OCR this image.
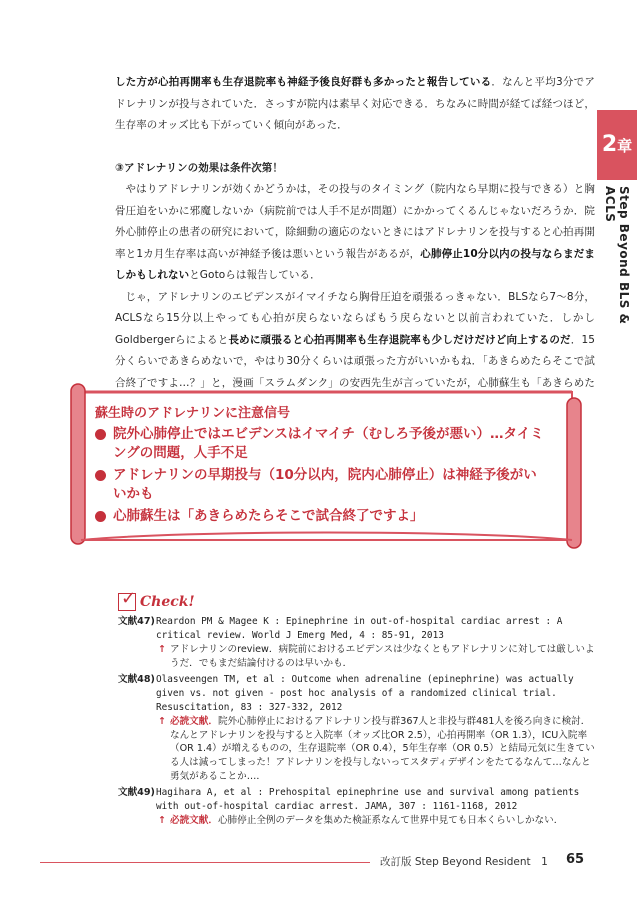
2章
Step Beyond BLS & ACLS

した方が心拍再開率も生存退院率も神経予後良好群も多かったと報告している．なんと平均3分でアドレナリンが投与されていた．さっすが院内は素早く対応できる．ちなみに時間が経てば経つほど，生存率のオッズ比も下がっていく傾向があった．

③アドレナリンの効果は条件次第！

やはりアドレナリンが効くかどうかは，その投与のタイミング（院内なら早期に投与できる）と胸骨圧迫をいかに邪魔しないか（病院前では人手不足が問題）にかかってくるんじゃないだろうか．院外心肺停止の患者の研究において，除細動の適応のないときにはアドレナリンを投与すると心拍再開率と1カ月生存率は高いが神経予後は悪いという報告があるが，心肺停止10分以内の投与ならまだましかもしれないとGotoらは報告している．

じゃ，アドレナリンのエビデンスがイマイチなら胸骨圧迫を頑張るっきゃない．BLSなら7〜8分，ACLSなら15分以上やっても心拍が戻らないならばもう戻らないと以前言われていた．しかしGoldbergerらによると長めに頑張ると心拍再開率も生存退院率も少しだけだけど向上するのだ．15分くらいであきらめないで，やはり30分くらいは頑張った方がいいかもね．「あきらめたらそこで試合終了ですよ…？」と，漫画「スラムダンク」の安西先生が言っていたが，心肺蘇生も「あきらめた

蘇生時のアドレナリンに注意信号
院外心肺停止ではエビデンスはイマイチ（むしろ予後が悪い）…タイミングの問題，人手不足
アドレナリンの早期投与（10分以内，院内心肺停止）は神経予後がいいかも
心肺蘇生は「あきらめたらそこで試合終了ですよ」
✓ Check!
文献47) Reardon PM & Magee K : Epinephrine in out-of-hospital cardiac arrest : A critical review. World J Emerg Med, 4 : 85-91, 2013
↑ アドレナリンのreview．病院前におけるエビデンスは少なくともアドレナリンに対しては厳しいようだ．でもまだ結論付けるのは早いかも．
文献48) Olasveengen TM, et al : Outcome when adrenaline (epinephrine) was actually given vs. not given - post hoc analysis of a randomized clinical trial. Resuscitation, 83 : 327-332, 2012
↑ 必読文献．院外心肺停止におけるアドレナリン投与群367人と非投与群481人を後ろ向きに検討．なんとアドレナリンを投与すると入院率（オッズ比OR 2.5），心拍再開率（OR 1.3），ICU入院率（OR 1.4）が増えるものの，生存退院率（OR 0.4），5年生存率（OR 0.5）と結局元気に生きている人は減ってしまった！アドレナリンを投与しないってスタディデザインをたてるなんて…なんと勇気があることか…．
文献49) Hagihara A, et al : Prehospital epinephrine use and survival among patients with out-of-hospital cardiac arrest. JAMA, 307 : 1161-1168, 2012
↑ 必読文献．心肺停止全例のデータを集めた検証系なんて世界中見ても日本くらいしかない．
改訂版 Step Beyond Resident　1 65
